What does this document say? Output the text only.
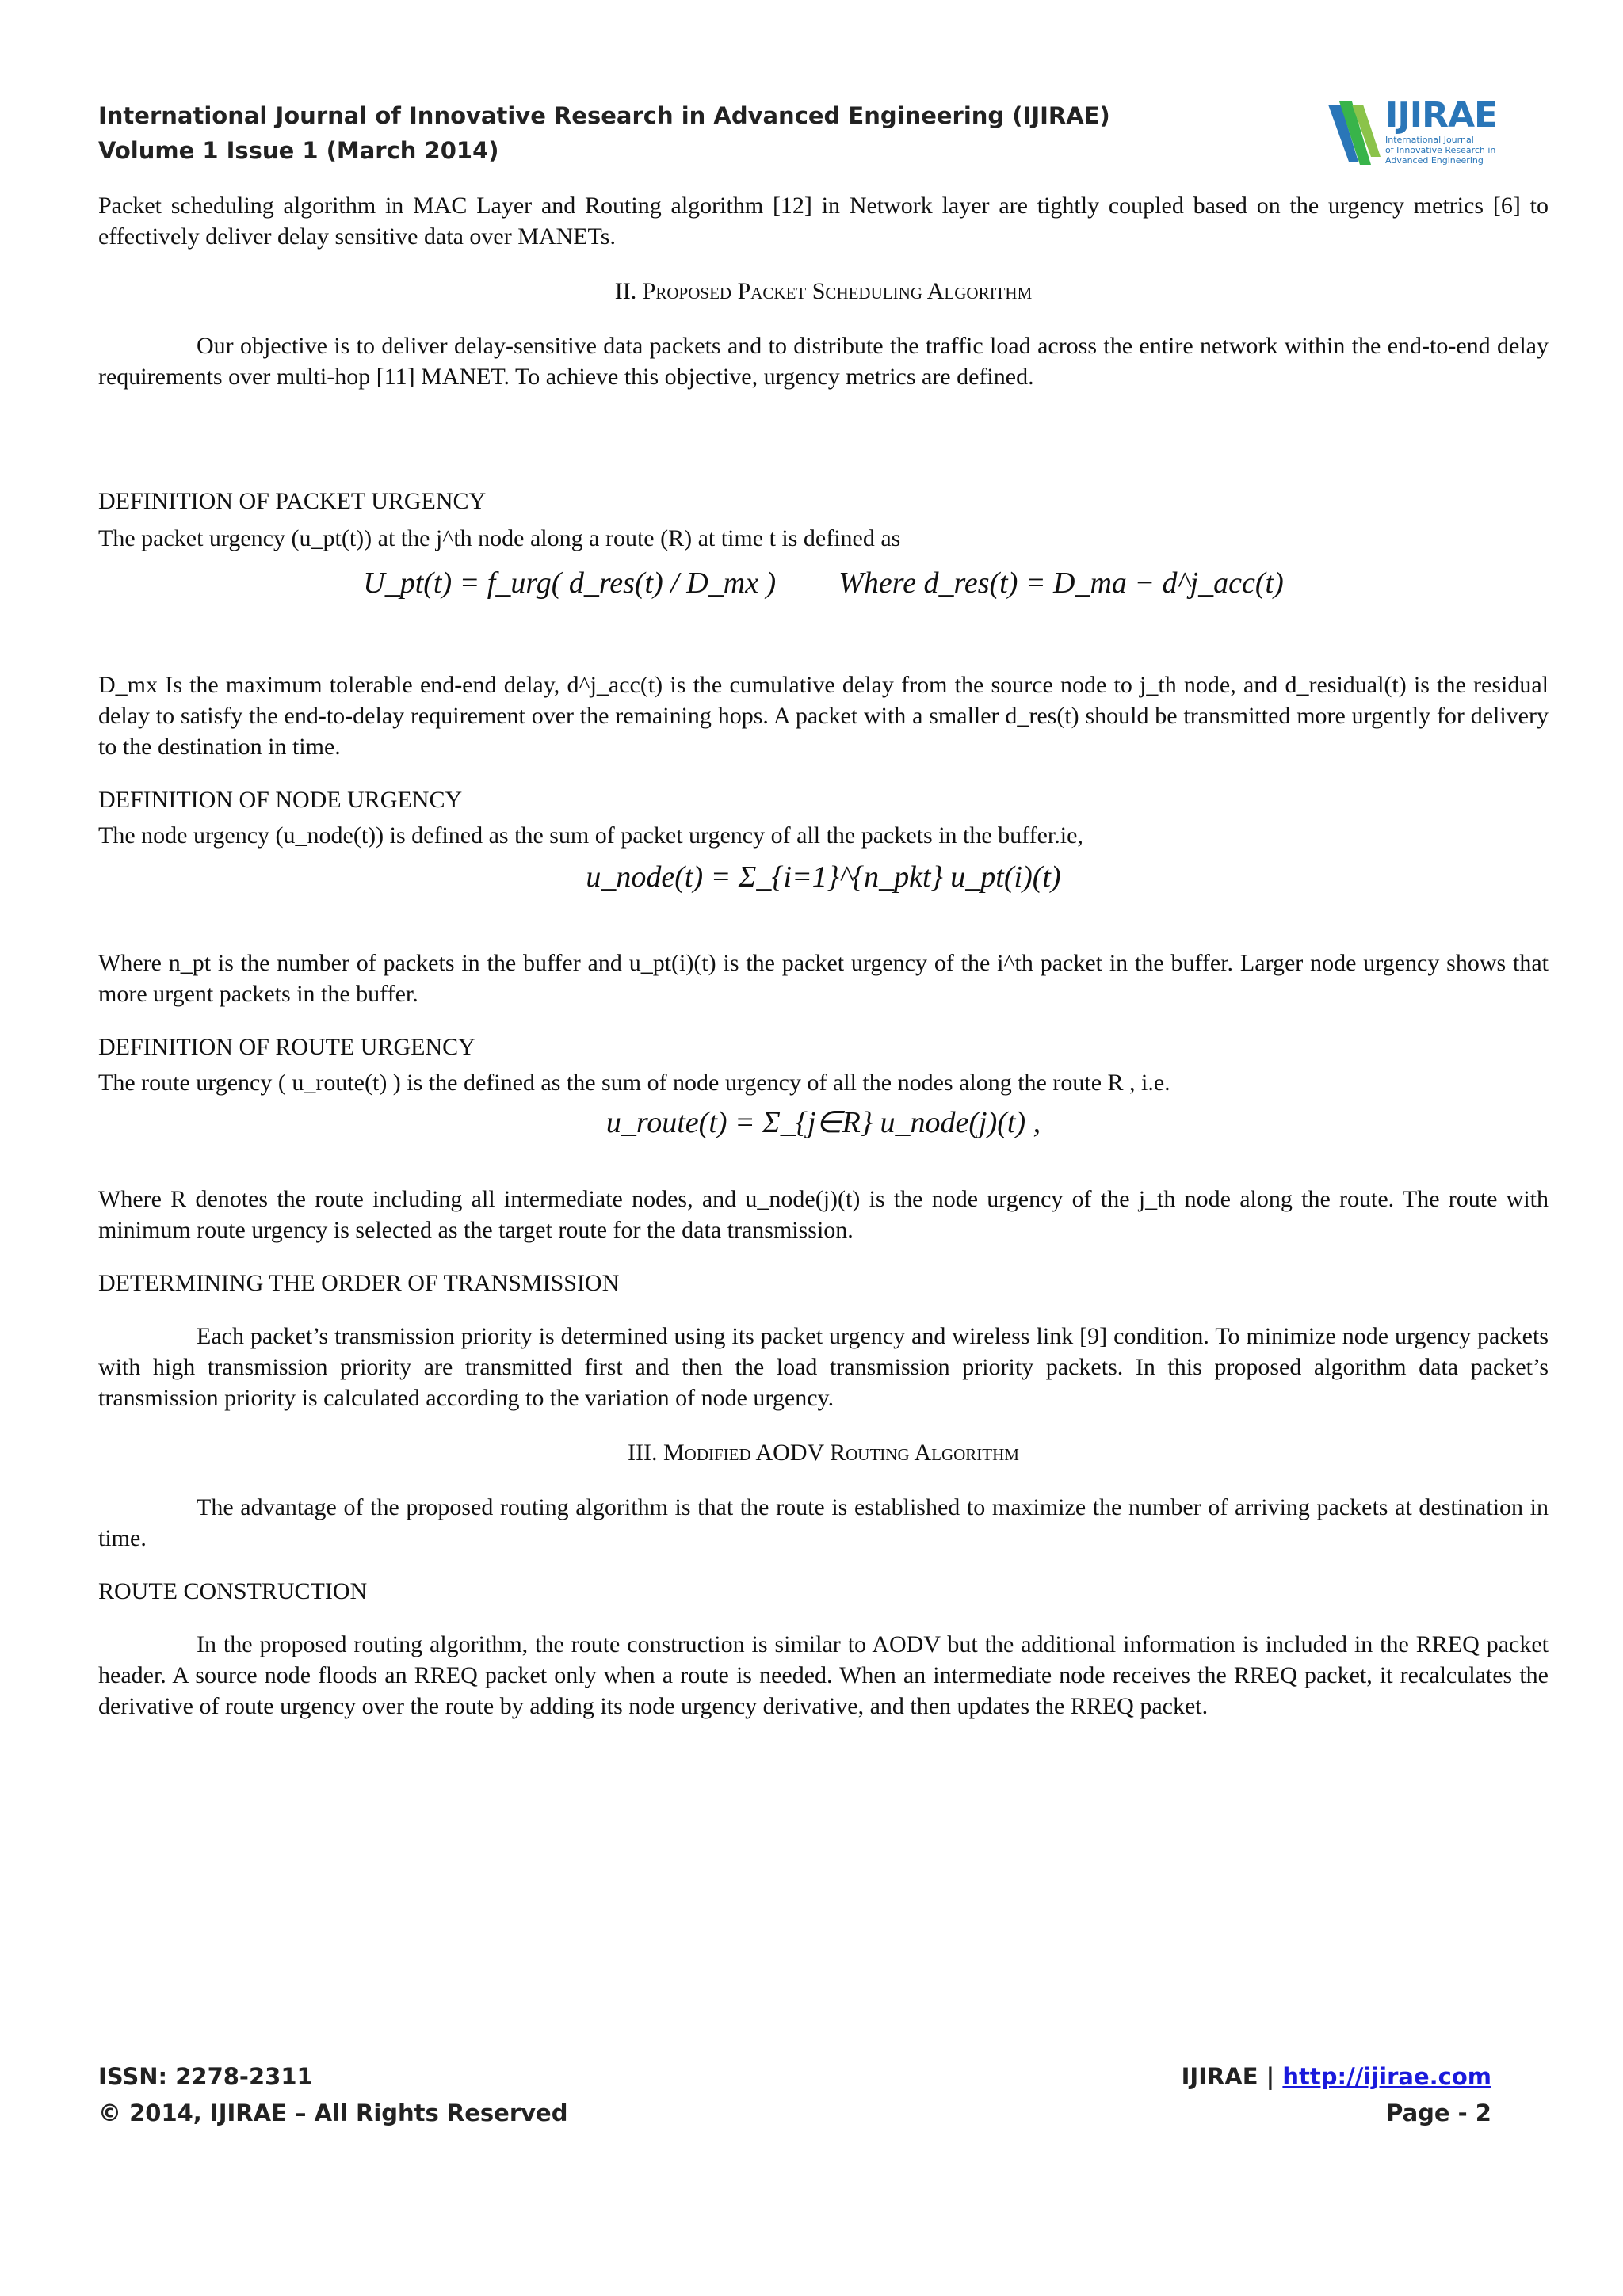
International Journal of Innovative Research in Advanced Engineering (IJIRAE)
Volume 1 Issue 1 (March 2014)
IJIRAE
International Journal
of Innovative Research in
Advanced Engineering

Packet scheduling algorithm in MAC Layer and Routing algorithm [12] in Network layer are tightly coupled based on the urgency metrics [6] to effectively deliver delay sensitive data over MANETs.

II. Proposed Packet Scheduling Algorithm

Our objective is to deliver delay-sensitive data packets and to distribute the traffic load across the entire network within the end-to-end delay requirements over multi-hop [11] MANET. To achieve this objective, urgency metrics are defined.

DEFINITION OF PACKET URGENCY

The packet urgency (u_pt(t)) at the j^th node along a route (R) at time t is defined as

U_pt(t) = f_urg( d_res(t) / D_mx ) Where d_res(t) = D_ma − d^j_acc(t)

D_mx Is the maximum tolerable end-end delay, d^j_acc(t) is the cumulative delay from the source node to j_th node, and d_residual(t) is the residual delay to satisfy the end-to-delay requirement over the remaining hops. A packet with a smaller d_res(t) should be transmitted more urgently for delivery to the destination in time.

DEFINITION OF NODE URGENCY

The node urgency (u_node(t)) is defined as the sum of packet urgency of all the packets in the buffer.ie,

u_node(t) = Σ_{i=1}^{n_pkt} u_pt(i)(t)

Where n_pt is the number of packets in the buffer and u_pt(i)(t) is the packet urgency of the i^th packet in the buffer. Larger node urgency shows that more urgent packets in the buffer.

DEFINITION OF ROUTE URGENCY

The route urgency ( u_route(t) ) is the defined as the sum of node urgency of all the nodes along the route R , i.e.

u_route(t) = Σ_{j∈R} u_node(j)(t) ,

Where R denotes the route including all intermediate nodes, and u_node(j)(t) is the node urgency of the j_th node along the route. The route with minimum route urgency is selected as the target route for the data transmission.

DETERMINING THE ORDER OF TRANSMISSION

Each packet’s transmission priority is determined using its packet urgency and wireless link [9] condition. To minimize node urgency packets with high transmission priority are transmitted first and then the load transmission priority packets. In this proposed algorithm data packet’s transmission priority is calculated according to the variation of node urgency.

III. Modified AODV Routing Algorithm

The advantage of the proposed routing algorithm is that the route is established to maximize the number of arriving packets at destination in time.

ROUTE CONSTRUCTION

In the proposed routing algorithm, the route construction is similar to AODV but the additional information is included in the RREQ packet header. A source node floods an RREQ packet only when a route is needed. When an intermediate node receives the RREQ packet, it recalculates the derivative of route urgency over the route by adding its node urgency derivative, and then updates the RREQ packet.

ISSN: 2278-2311
© 2014, IJIRAE – All Rights Reserved
IJIRAE | http://ijirae.com
Page - 2
